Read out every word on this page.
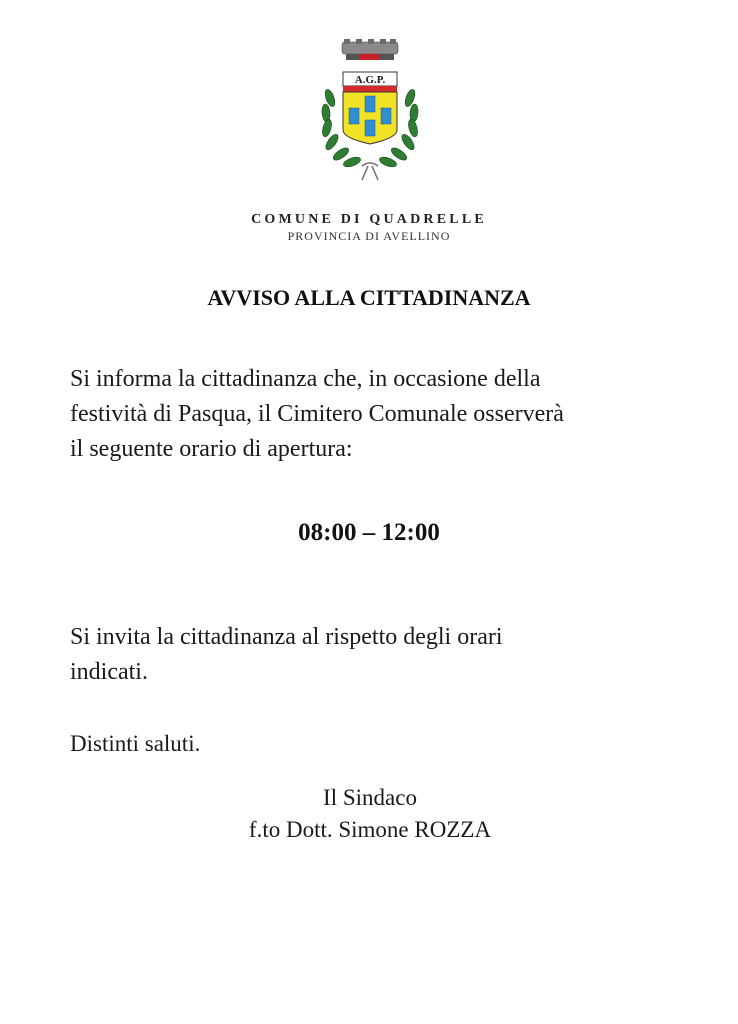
A.G.P.
COMUNE DI QUADRELLE
PROVINCIA DI AVELLINO
AVVISO ALLA CITTADINANZA
Si informa la cittadinanza che, in occasione della
festività di Pasqua, il Cimitero Comunale osserverà
il seguente orario di apertura:
08:00 – 12:00
Si invita la cittadinanza al rispetto degli orari
indicati.
Distinti saluti.
Il Sindaco
f.to Dott. Simone ROZZA
